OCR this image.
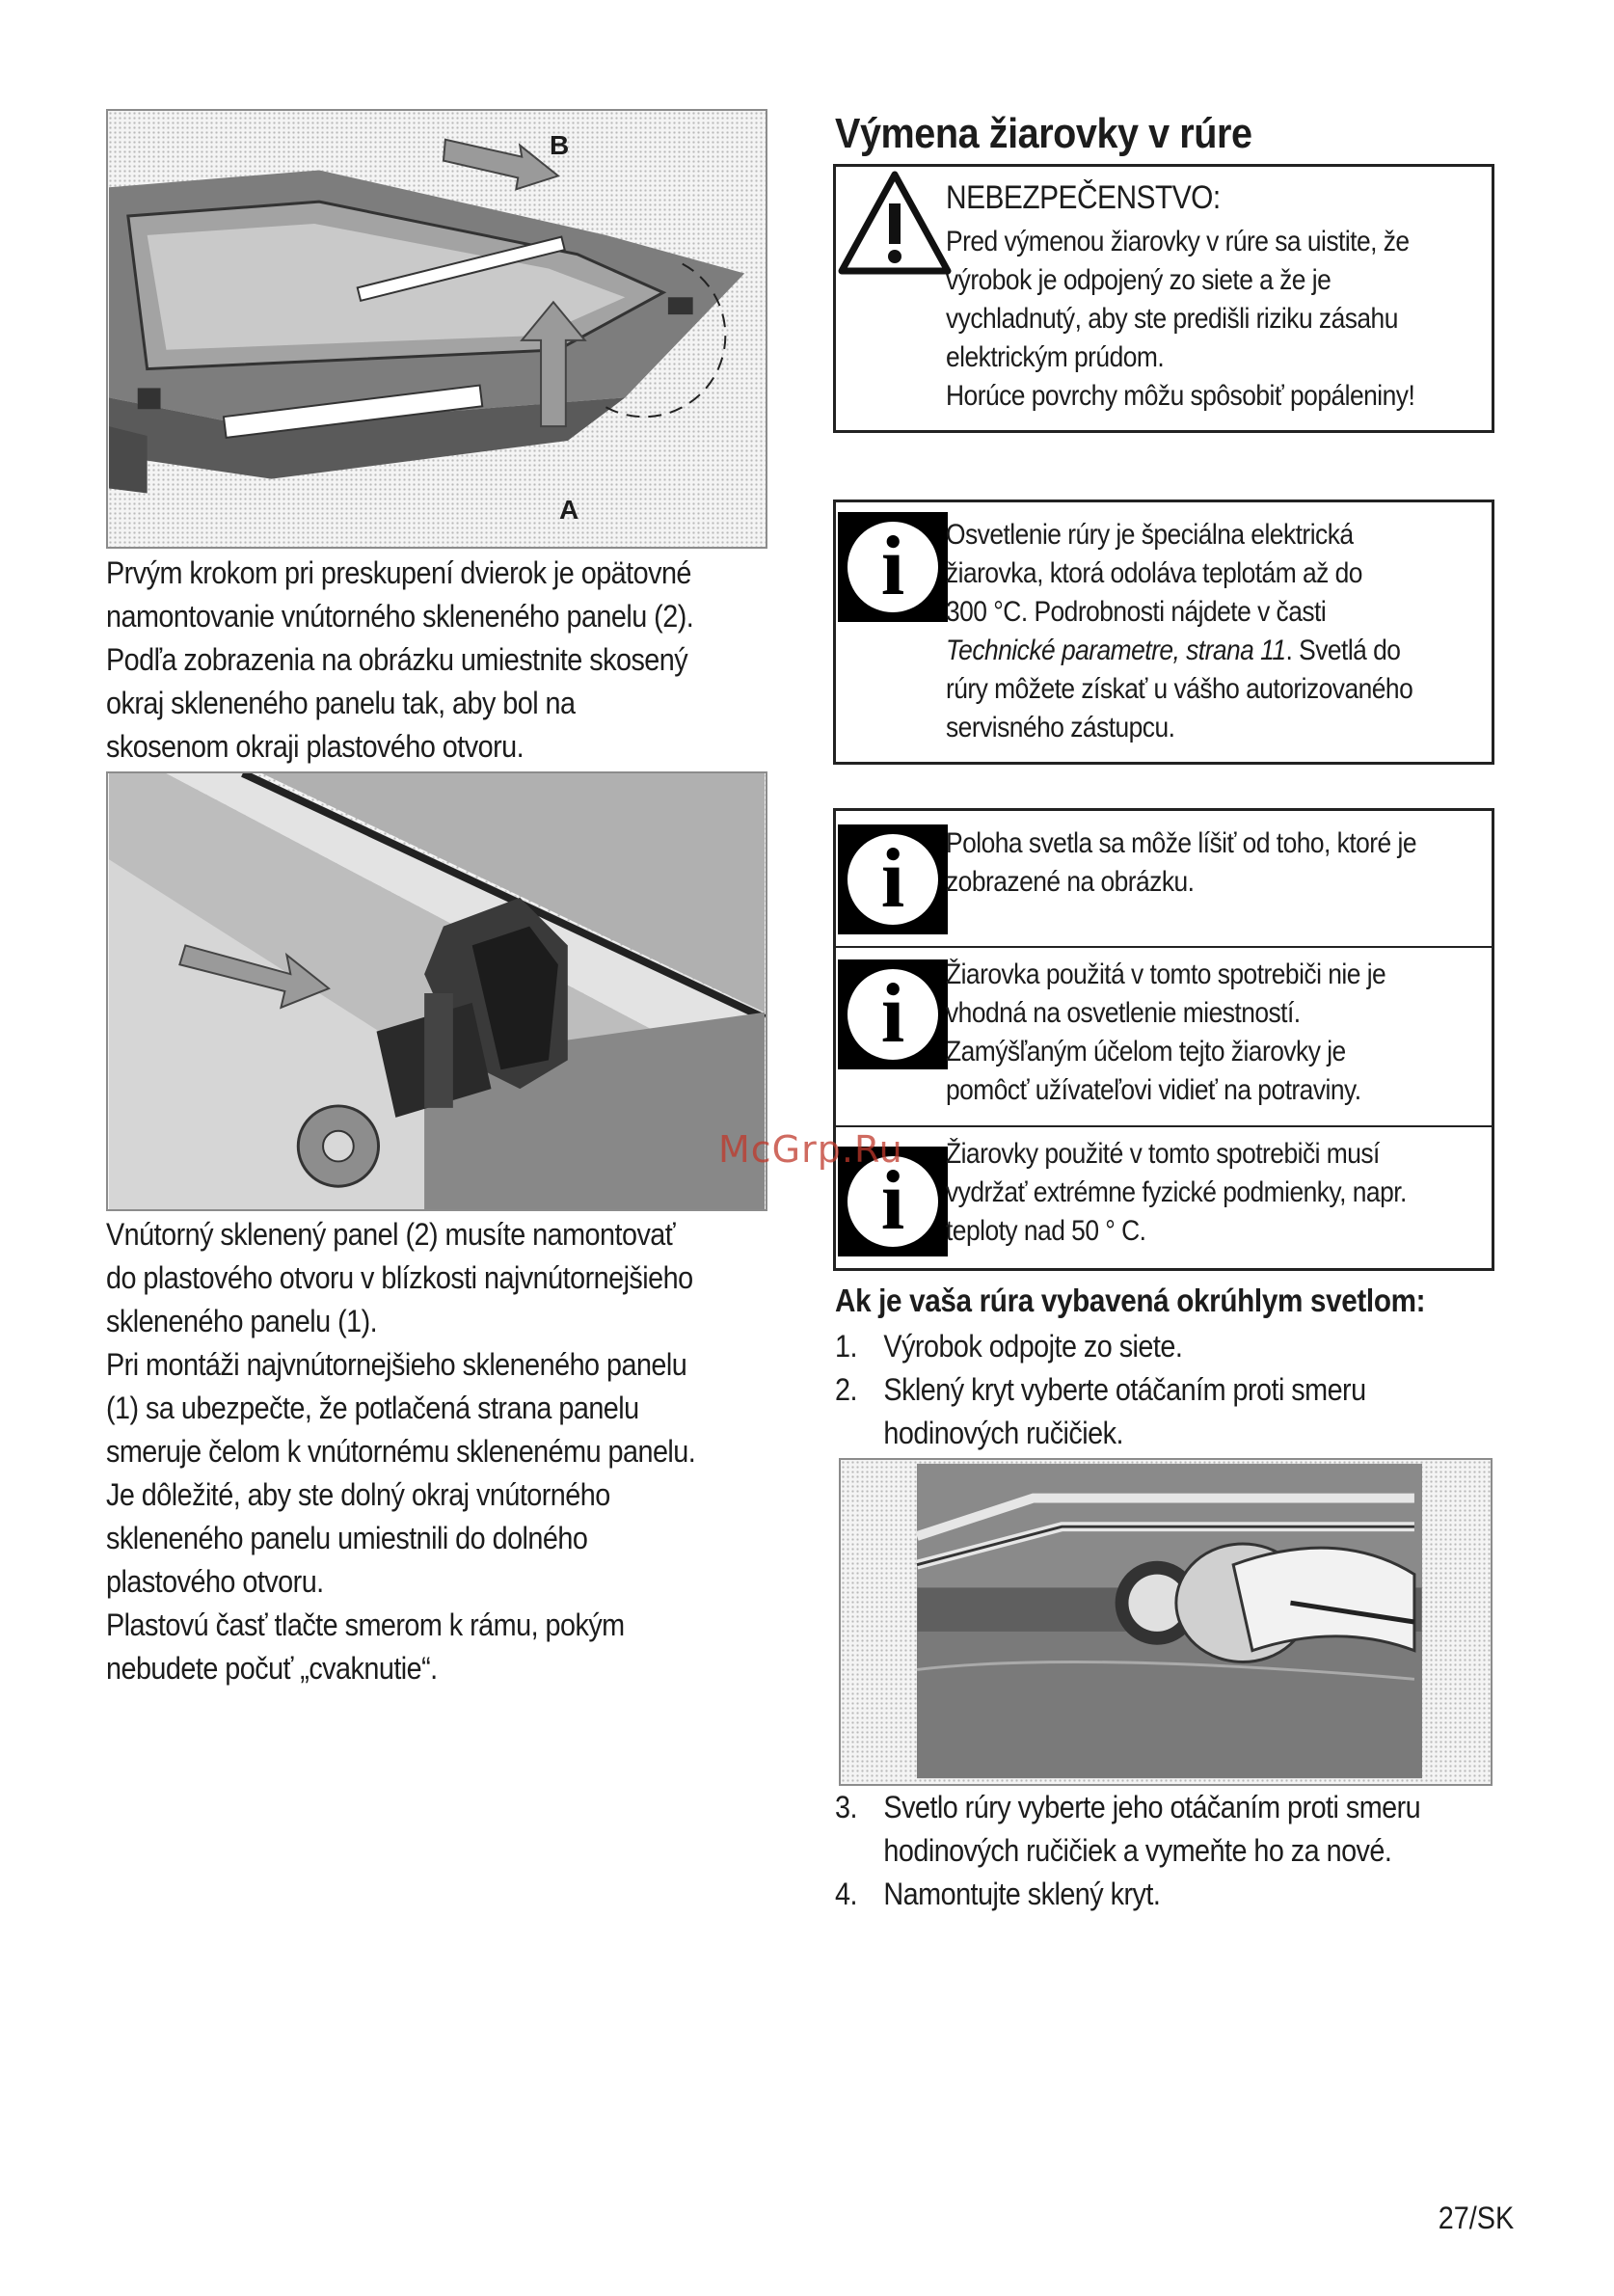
B
A
Prvým krokom pri preskupení dvierok je opätovné
namontovanie vnútorného skleneného panelu (2).
Podľa zobrazenia na obrázku umiestnite skosený
okraj skleneného panelu tak, aby bol na
skosenom okraji plastového otvoru.
Vnútorný sklenený panel (2) musíte namontovať
do plastového otvoru v blízkosti najvnútornejšieho
skleneného panelu (1).
Pri montáži najvnútornejšieho skleneného panelu
(1) sa ubezpečte, že potlačená strana panelu
smeruje čelom k vnútornému sklenenému panelu.
Je dôležité, aby ste dolný okraj vnútorného
skleneného panelu umiestnili do dolného
plastového otvoru.
Plastovú časť tlačte smerom k rámu, pokým
nebudete počuť „cvaknutie“.
Výmena žiarovky v rúre
NEBEZPEČENSTVO:
Pred výmenou žiarovky v rúre sa uistite, že
výrobok je odpojený zo siete a že je
vychladnutý, aby ste predišli riziku zásahu
elektrickým prúdom.
Horúce povrchy môžu spôsobiť popáleniny!
i	Osvetlenie rúry je špeciálna elektrická
žiarovka, ktorá odoláva teplotám až do
300 °C. Podrobnosti nájdete v časti
Technické parametre, strana 11. Svetlá do
rúry môžete získať u vášho autorizovaného
servisného zástupcu.
i	Poloha svetla sa môže líšiť od toho, ktoré je
zobrazené na obrázku.
i	Žiarovka použitá v tomto spotrebiči nie je
vhodná na osvetlenie miestností.
Zamýšľaným účelom tejto žiarovky je
pomôcť užívateľovi vidieť na potraviny.
i
Žiarovky použité v tomto spotrebiči musí
vydržať extrémne fyzické podmienky, napr.
teploty nad 50 ° C.
Ak je vaša rúra vybavená okrúhlym svetlom:
1. Výrobok odpojte zo siete.
2. Sklený kryt vyberte otáčaním proti smeru
hodinových ručičiek.
3. Svetlo rúry vyberte jeho otáčaním proti smeru
hodinových ručičiek a vymeňte ho za nové.
4. Namontujte sklený kryt.
McGrp.Ru
27/SK
